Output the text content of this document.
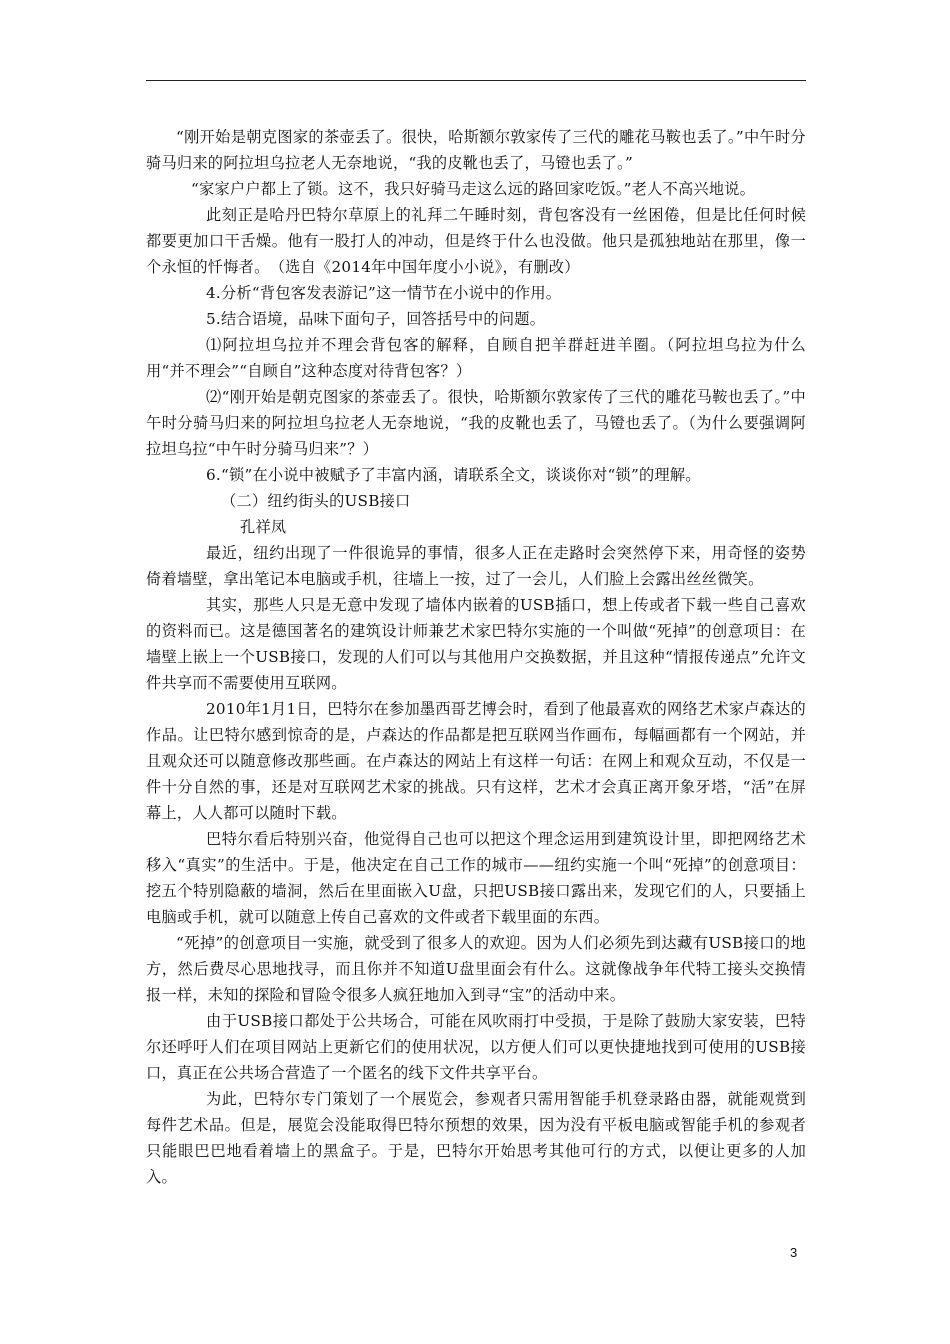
“刚开始是朝克图家的茶壶丢了。很快，哈斯额尔敦家传了三代的雕花马鞍也丢了。”中午时分骑马归来的阿拉坦乌拉老人无奈地说，“我的皮靴也丢了，马镫也丢了。”

“家家户户都上了锁。这不，我只好骑马走这么远的路回家吃饭。”老人不高兴地说。

此刻正是哈丹巴特尔草原上的礼拜二午睡时刻，背包客没有一丝困倦，但是比任何时候都要更加口干舌燥。他有一股打人的冲动，但是终于什么也没做。他只是孤独地站在那里，像一个永恒的忏悔者。　（选自《2014年中国年度小小说》，有删改）

4.分析“背包客发表游记”这一情节在小说中的作用。

5.结合语境，品味下面句子，回答括号中的问题。

⑴阿拉坦乌拉并不理会背包客的解释，自顾自把羊群赶进羊圈。（阿拉坦乌拉为什么用“并不理会”“自顾自”这种态度对待背包客？）

⑵“刚开始是朝克图家的茶壶丢了。很快，哈斯额尔敦家传了三代的雕花马鞍也丢了。”中午时分骑马归来的阿拉坦乌拉老人无奈地说，“我的皮靴也丢了，马镫也丢了。（为什么要强调阿拉坦乌拉“中午时分骑马归来”？）

6.“锁”在小说中被赋予了丰富内涵，请联系全文，谈谈你对“锁”的理解。

（二）纽约街头的USB接口

孔祥凤

最近，纽约出现了一件很诡异的事情，很多人正在走路时会突然停下来，用奇怪的姿势倚着墙壁，拿出笔记本电脑或手机，往墙上一按，过了一会儿，人们脸上会露出丝丝微笑。

其实，那些人只是无意中发现了墙体内嵌着的USB插口，想上传或者下载一些自己喜欢的资料而已。这是德国著名的建筑设计师兼艺术家巴特尔实施的一个叫做“死掉”的创意项目：在墙壁上嵌上一个USB接口，发现的人们可以与其他用户交换数据，并且这种“情报传递点”允许文件共享而不需要使用互联网。

2010年1月1日，巴特尔在参加墨西哥艺博会时，看到了他最喜欢的网络艺术家卢森达的作品。让巴特尔感到惊奇的是，卢森达的作品都是把互联网当作画布，每幅画都有一个网站，并且观众还可以随意修改那些画。在卢森达的网站上有这样一句话：在网上和观众互动，不仅是一件十分自然的事，还是对互联网艺术家的挑战。只有这样，艺术才会真正离开象牙塔，“活”在屏幕上，人人都可以随时下载。

巴特尔看后特别兴奋，他觉得自己也可以把这个理念运用到建筑设计里，即把网络艺术移入“真实”的生活中。于是，他决定在自己工作的城市——纽约实施一个叫“死掉”的创意项目：挖五个特别隐蔽的墙洞，然后在里面嵌入U盘，只把USB接口露出来，发现它们的人，只要插上电脑或手机，就可以随意上传自己喜欢的文件或者下载里面的东西。

“死掉”的创意项目一实施，就受到了很多人的欢迎。因为人们必须先到达藏有USB接口的地方，然后费尽心思地找寻，而且你并不知道U盘里面会有什么。这就像战争年代特工接头交换情报一样，未知的探险和冒险令很多人疯狂地加入到寻“宝”的活动中来。

由于USB接口都处于公共场合，可能在风吹雨打中受损，于是除了鼓励大家安装，巴特尔还呼吁人们在项目网站上更新它们的使用状况，以方便人们可以更快捷地找到可使用的USB接口，真正在公共场合营造了一个匿名的线下文件共享平台。

为此，巴特尔专门策划了一个展览会，参观者只需用智能手机登录路由器，就能观赏到每件艺术品。但是，展览会没能取得巴特尔预想的效果，因为没有平板电脑或智能手机的参观者只能眼巴巴地看着墙上的黑盒子。于是，巴特尔开始思考其他可行的方式，以便让更多的人加入。

3
